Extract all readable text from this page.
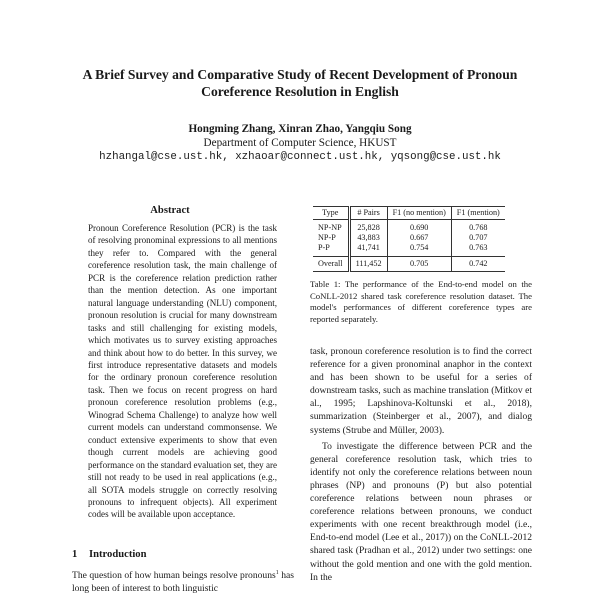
A Brief Survey and Comparative Study of Recent Development of Pronoun Coreference Resolution in English
Hongming Zhang, Xinran Zhao, Yangqiu Song
Department of Computer Science, HKUST
hzhangal@cse.ust.hk, xzhaoar@connect.ust.hk, yqsong@cse.ust.hk
Abstract

Pronoun Coreference Resolution (PCR) is the task of resolving pronominal expressions to all mentions they refer to. Compared with the general coreference resolution task, the main challenge of PCR is the coreference relation prediction rather than the mention detection. As one important natural language understanding (NLU) component, pronoun resolution is crucial for many downstream tasks and still challenging for existing models, which motivates us to survey existing approaches and think about how to do better. In this survey, we first introduce representative datasets and models for the ordinary pronoun coreference resolution task. Then we focus on recent progress on hard pronoun coreference resolution problems (e.g., Winograd Schema Challenge) to analyze how well current models can understand commonsense. We conduct extensive experiments to show that even though current models are achieving good performance on the standard evaluation set, they are still not ready to be used in real applications (e.g., all SOTA models struggle on correctly resolving pronouns to infrequent objects). All experiment codes will be available upon acceptance.

1 Introduction

The question of how human beings resolve pronouns$^1$ has long been of interest to both linguistic

Type	# Pairs	F1 (no mention)	F1 (mention)
NP-NP	25,828	0.690	0.768
NP-P	43,883	0.667	0.707
P-P	41,741	0.754	0.763
Overall	111,452	0.705	0.742

Table 1: The performance of the End-to-end model on the CoNLL-2012 shared task coreference resolution dataset. The model's performances of different coreference types are reported separately.

task, pronoun coreference resolution is to find the correct reference for a given pronominal anaphor in the context and has been shown to be useful for a series of downstream tasks, such as machine translation (Mitkov et al., 1995; Lapshinova-Koltunski et al., 2018), summarization (Steinberger et al., 2007), and dialog systems (Strube and Müller, 2003).

To investigate the difference between PCR and the general coreference resolution task, which tries to identify not only the coreference relations between noun phrases (NP) and pronouns (P) but also potential coreference relations between noun phrases or coreference relations between pronouns, we conduct experiments with one recent breakthrough model (i.e., End-to-end model (Lee et al., 2017)) on the CoNLL-2012 shared task (Pradhan et al., 2012) under two settings: one without the gold mention and one with the gold mention. In the
